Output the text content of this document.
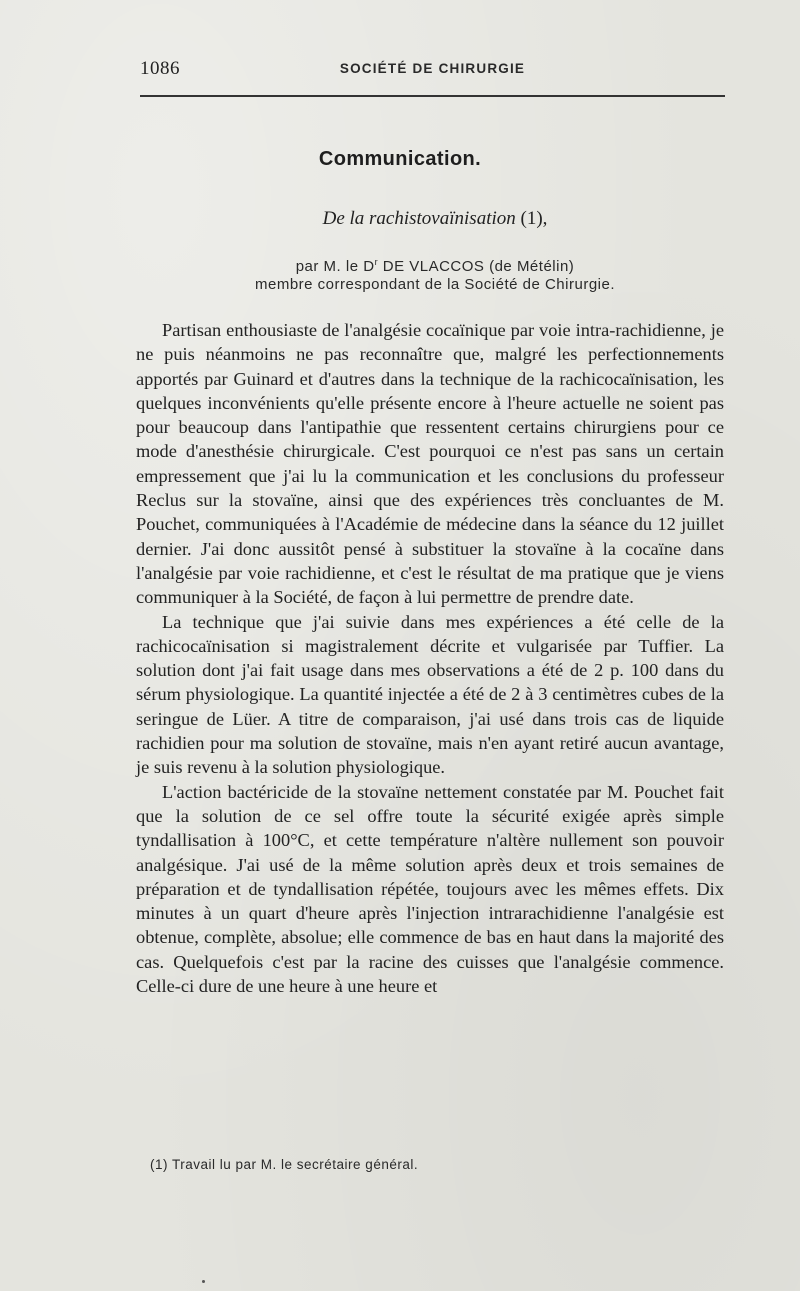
1086	SOCIÉTÉ DE CHIRURGIE
Communication.
De la rachistovaïnisation (1),
par M. le $D^r$ DE VLACCOS (de Métélin)
membre correspondant de la Société de Chirurgie.

Partisan enthousiaste de l'analgésie cocaïnique par voie intra-rachidienne, je ne puis néanmoins ne pas reconnaître que, malgré les perfectionnements apportés par Guinard et d'autres dans la technique de la rachicocaïnisation, les quelques inconvénients qu'elle présente encore à l'heure actuelle ne soient pas pour beaucoup dans l'antipathie que ressentent certains chirurgiens pour ce mode d'anesthésie chirurgicale. C'est pourquoi ce n'est pas sans un certain empressement que j'ai lu la communication et les conclusions du professeur Reclus sur la stovaïne, ainsi que des expériences très concluantes de M. Pouchet, communiquées à l'Académie de médecine dans la séance du 12 juillet dernier. J'ai donc aussitôt pensé à substituer la stovaïne à la cocaïne dans l'analgésie par voie rachidienne, et c'est le résultat de ma pratique que je viens communiquer à la Société, de façon à lui permettre de prendre date.

La technique que j'ai suivie dans mes expériences a été celle de la rachicocaïnisation si magistralement décrite et vulgarisée par Tuffier. La solution dont j'ai fait usage dans mes observations a été de 2 p. 100 dans du sérum physiologique. La quantité injectée a été de 2 à 3 centimètres cubes de la seringue de Lüer. A titre de comparaison, j'ai usé dans trois cas de liquide rachidien pour ma solution de stovaïne, mais n'en ayant retiré aucun avantage, je suis revenu à la solution physiologique.

L'action bactéricide de la stovaïne nettement constatée par M. Pouchet fait que la solution de ce sel offre toute la sécurité exigée après simple tyndallisation à 100°C, et cette température n'altère nullement son pouvoir analgésique. J'ai usé de la même solution après deux et trois semaines de préparation et de tyndallisation répétée, toujours avec les mêmes effets. Dix minutes à un quart d'heure après l'injection intrarachidienne l'analgésie est obtenue, complète, absolue; elle commence de bas en haut dans la majorité des cas. Quelquefois c'est par la racine des cuisses que l'analgésie commence. Celle-ci dure de une heure à une heure et

(1) Travail lu par M. le secrétaire général.
